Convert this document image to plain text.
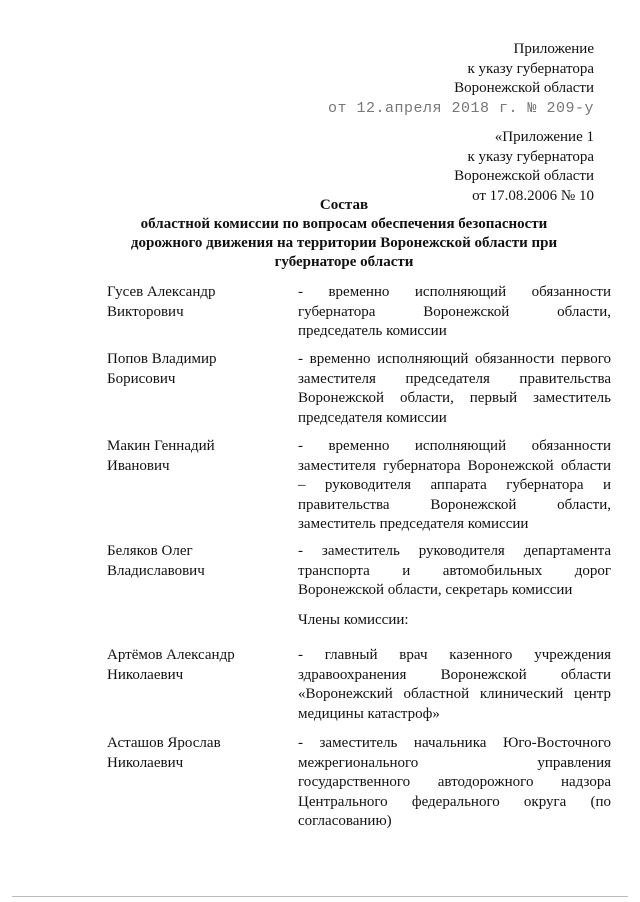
Приложение
к указу губернатора
Воронежской области
от 12.апреля 2018 г. № 209-у
«Приложение 1
к указу губернатора
Воронежской области
от 17.08.2006 № 10
Состав
областной комиссии по вопросам обеспечения безопасности
дорожного движения на территории Воронежской области при
губернаторе области
Гусев Александр
Викторович
- временно исполняющий обязанности
губернатора Воронежской области,
председатель комиссии
Попов Владимир
Борисович
- временно исполняющий обязанности первого
заместителя председателя правительства
Воронежской области, первый заместитель
председателя комиссии
Макин Геннадий
Иванович
- временно исполняющий обязанности
заместителя губернатора Воронежской области
– руководителя аппарата губернатора и
правительства Воронежской области,
заместитель председателя комиссии
Беляков Олег
Владиславович
- заместитель руководителя департамента
транспорта и автомобильных дорог
Воронежской области, секретарь комиссии
Члены комиссии:
Артёмов Александр
Николаевич
- главный врач казенного учреждения
здравоохранения Воронежской области
«Воронежский областной клинический центр
медицины катастроф»
Асташов Ярослав
Николаевич
- заместитель начальника Юго-Восточного
межрегионального управления
государственного автодорожного надзора
Центрального федерального округа (по
согласованию)
